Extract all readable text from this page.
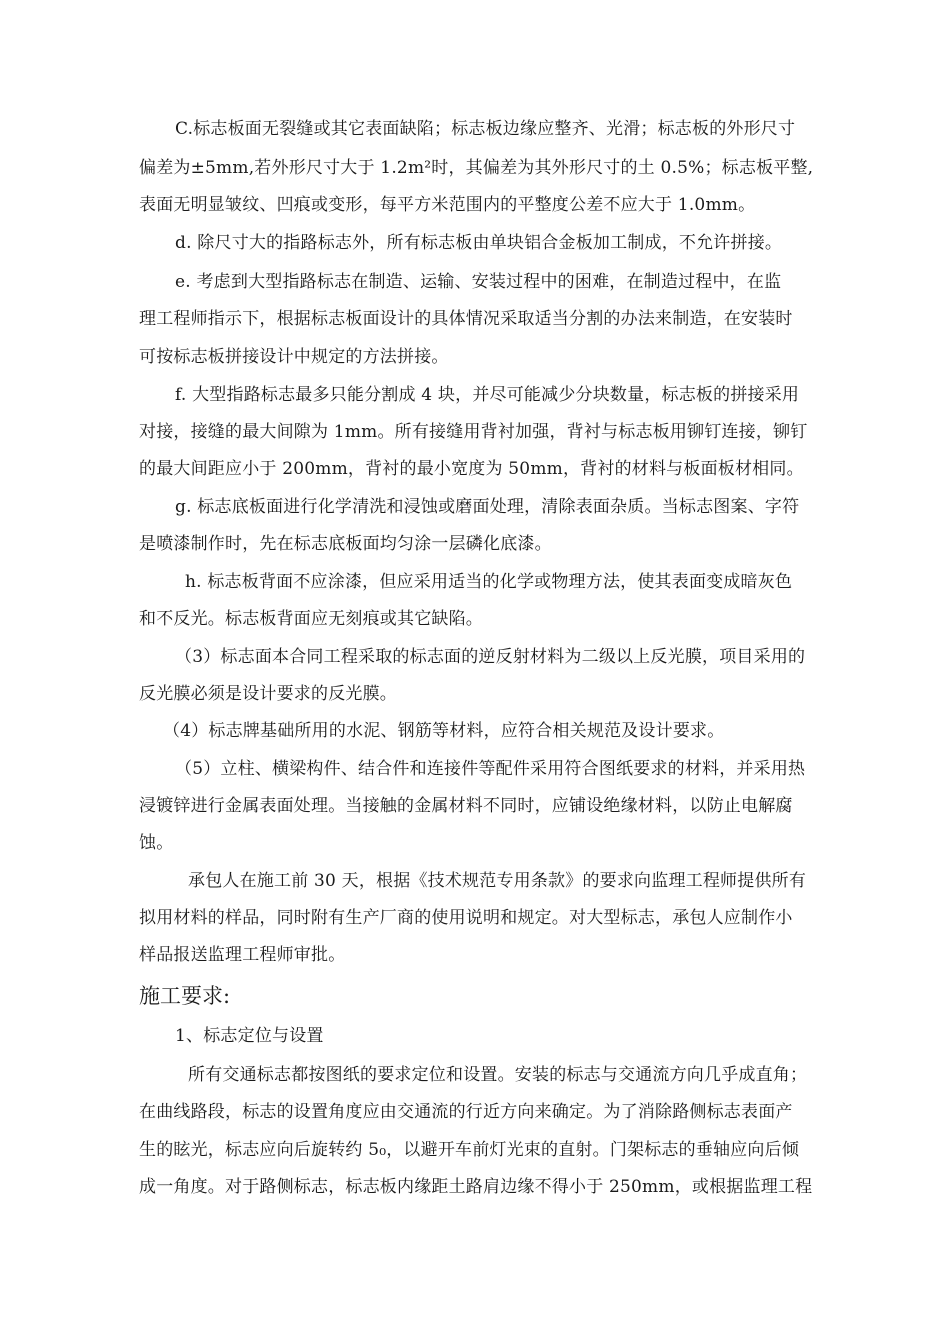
C.标志板面无裂缝或其它表面缺陷；标志板边缘应整齐、光滑；标志板的外形尺寸
偏差为±5mm,若外形尺寸大于 1.2m²时，其偏差为其外形尺寸的土 0.5%；标志板平整,
表面无明显皱纹、凹痕或变形，每平方米范围内的平整度公差不应大于 1.0mm。
d. 除尺寸大的指路标志外，所有标志板由单块铝合金板加工制成，不允许拼接。
e. 考虑到大型指路标志在制造、运输、安装过程中的困难，在制造过程中，在监
理工程师指示下，根据标志板面设计的具体情况采取适当分割的办法来制造，在安装时
可按标志板拼接设计中规定的方法拼接。
f. 大型指路标志最多只能分割成 4 块，并尽可能减少分块数量，标志板的拼接采用
对接，接缝的最大间隙为 1mm。所有接缝用背衬加强，背衬与标志板用铆钉连接，铆钉
的最大间距应小于 200mm，背衬的最小宽度为 50mm，背衬的材料与板面板材相同。
g. 标志底板面进行化学清洗和浸蚀或磨面处理，清除表面杂质。当标志图案、字符
是喷漆制作时，先在标志底板面均匀涂一层磷化底漆。
h. 标志板背面不应涂漆，但应采用适当的化学或物理方法，使其表面变成暗灰色
和不反光。标志板背面应无刻痕或其它缺陷。
（3）标志面本合同工程采取的标志面的逆反射材料为二级以上反光膜，项目采用的
反光膜必须是设计要求的反光膜。
（4）标志牌基础所用的水泥、钢筋等材料，应符合相关规范及设计要求。
（5）立柱、横梁构件、结合件和连接件等配件采用符合图纸要求的材料，并采用热
浸镀锌进行金属表面处理。当接触的金属材料不同时，应铺设绝缘材料，以防止电解腐
蚀。
承包人在施工前 30 天，根据《技术规范专用条款》的要求向监理工程师提供所有
拟用材料的样品，同时附有生产厂商的使用说明和规定。对大型标志，承包人应制作小
样品报送监理工程师审批。
施工要求:
1、标志定位与设置
所有交通标志都按图纸的要求定位和设置。安装的标志与交通流方向几乎成直角；
在曲线路段，标志的设置角度应由交通流的行近方向来确定。为了消除路侧标志表面产
生的眩光，标志应向后旋转约 5₀，以避开车前灯光束的直射。门架标志的垂轴应向后倾
成一角度。对于路侧标志，标志板内缘距土路肩边缘不得小于 250mm，或根据监理工程
